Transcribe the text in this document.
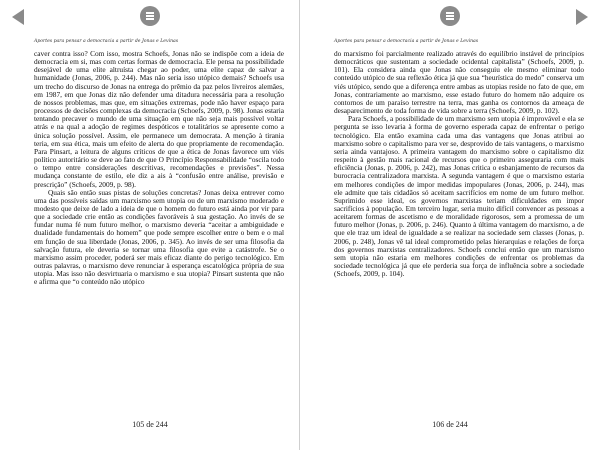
Aportes para pensar a democracia a partir de Jonas e Levinas

caver contra isso? Com isso, mostra Schoefs, Jonas não se indispõe com a ideia de democracia em si, mas com certas formas de democracia. Ele pensa na possibilidade desejável de uma elite altruísta chegar ao poder, uma elite capaz de salvar a humanidade (Jonas, 2006, p. 244). Mas não seria isso utópico demais? Schoefs usa um trecho do discurso de Jonas na entrega do prêmio da paz pelos livreiros alemães, em 1987, em que Jonas diz não defender uma ditadura necessária para a resolução de nossos problemas, mas que, em situações extremas, pode não haver espaço para processos de decisões complexas da democracia (Schoefs, 2009, p. 98). Jonas estaria tentando precaver o mundo de uma situação em que não seja mais possível voltar atrás e na qual a adoção de regimes despóticos e totalitários se apresente como a única solução possível. Assim, ele permanece um democrata. A menção à tirania teria, em sua ética, mais um efeito de alerta do que propriamente de recomendação. Para Pinsart, a leitura de alguns críticos de que a ética de Jonas favorece um viés político autoritário se deve ao fato de que O Princípio Responsabilidade “oscila todo o tempo entre considerações descritivas, recomendações e previsões”. Nessa mudança constante de estilo, ele diz a ais à “confusão entre análise, previsão e prescrição” (Schoefs, 2009, p. 98).

Quais são então suas pistas de soluções concretas? Jonas deixa entrever como uma das possíveis saídas um marxismo sem utopia ou de um marxismo moderado e modesto que deixe de lado a ideia de que o homem do futuro está ainda por vir para que a sociedade crie então as condições favoráveis à sua gestação. Ao invés de se fundar numa fé num futuro melhor, o marxismo deveria “aceitar a ambiguidade e dualidade fundamentais do homem” que pode sempre escolher entre o bem e o mal em função de sua liberdade (Jonas, 2006, p. 345). Ao invés de ser uma filosofia da salvação futura, ele deveria se tornar uma filosofia que evite a catástrofe. Se o marxismo assim proceder, poderá ser mais eficaz diante do perigo tecnológico. Em outras palavras, o marxismo deve renunciar à esperança escatológica própria de sua utopia. Mas isso não desvirtuaria o marxismo e sua utopia? Pinsart sustenta que não e afirma que “o conteúdo não utópico

105 de 244
Aportes para pensar a democracia a partir de Jonas e Levinas

do marxismo foi parcialmente realizado através do equilíbrio instável de princípios democráticos que sustentam a sociedade ocidental capitalista” (Schoefs, 2009, p. 101). Ela considera ainda que Jonas não conseguiu ele mesmo eliminar todo conteúdo utópico de sua reflexão ética já que sua “heurística do medo” conserva um viés utópico, sendo que a diferença entre ambas as utopias reside no fato de que, em Jonas, contrariamente ao marxismo, esse estado futuro do homem não adquire os contornos de um paraíso terrestre na terra, mas ganha os contornos da ameaça de desaparecimento de toda forma de vida sobre a terra (Schoefs, 2009, p. 102).

Para Schoefs, a possibilidade de um marxismo sem utopia é improvável e ela se pergunta se isso levaria à forma de governo esperada capaz de enfrentar o perigo tecnológico. Ela então examina cada uma das vantagens que Jonas atribui ao marxismo sobre o capitalismo para ver se, desprovido de tais vantagens, o marxismo seria ainda vantajoso. A primeira vantagem do marxismo sobre o capitalismo diz respeito à gestão mais racional de recursos que o primeiro asseguraria com mais eficiência (Jonas, p. 2006, p. 242), mas Jonas critica o esbanjamento de recursos da burocracia centralizadora marxista. A segunda vantagem é que o marxismo estaria em melhores condições de impor medidas impopulares (Jonas, 2006, p. 244), mas ele admite que tais cidadãos só aceitam sacrifícios em nome de um futuro melhor. Suprimido esse ideal, os governos marxistas teriam dificuldades em impor sacrifícios à população. Em terceiro lugar, seria muito difícil convencer as pessoas a aceitarem formas de ascetismo e de moralidade rigorosos, sem a promessa de um futuro melhor (Jonas, p. 2006, p. 246). Quanto à última vantagem do marxismo, a de que ele traz um ideal de igualdade a se realizar na sociedade sem classes (Jonas, p. 2006, p. 248), Jonas vê tal ideal comprometido pelas hierarquias e relações de força dos governos marxistas centralizadores. Schoefs conclui então que um marxismo sem utopia não estaria em melhores condições de enfrentar os problemas da sociedade tecnológica já que ele perderia sua força de influência sobre a sociedade (Schoefs, 2009, p. 104).

106 de 244
